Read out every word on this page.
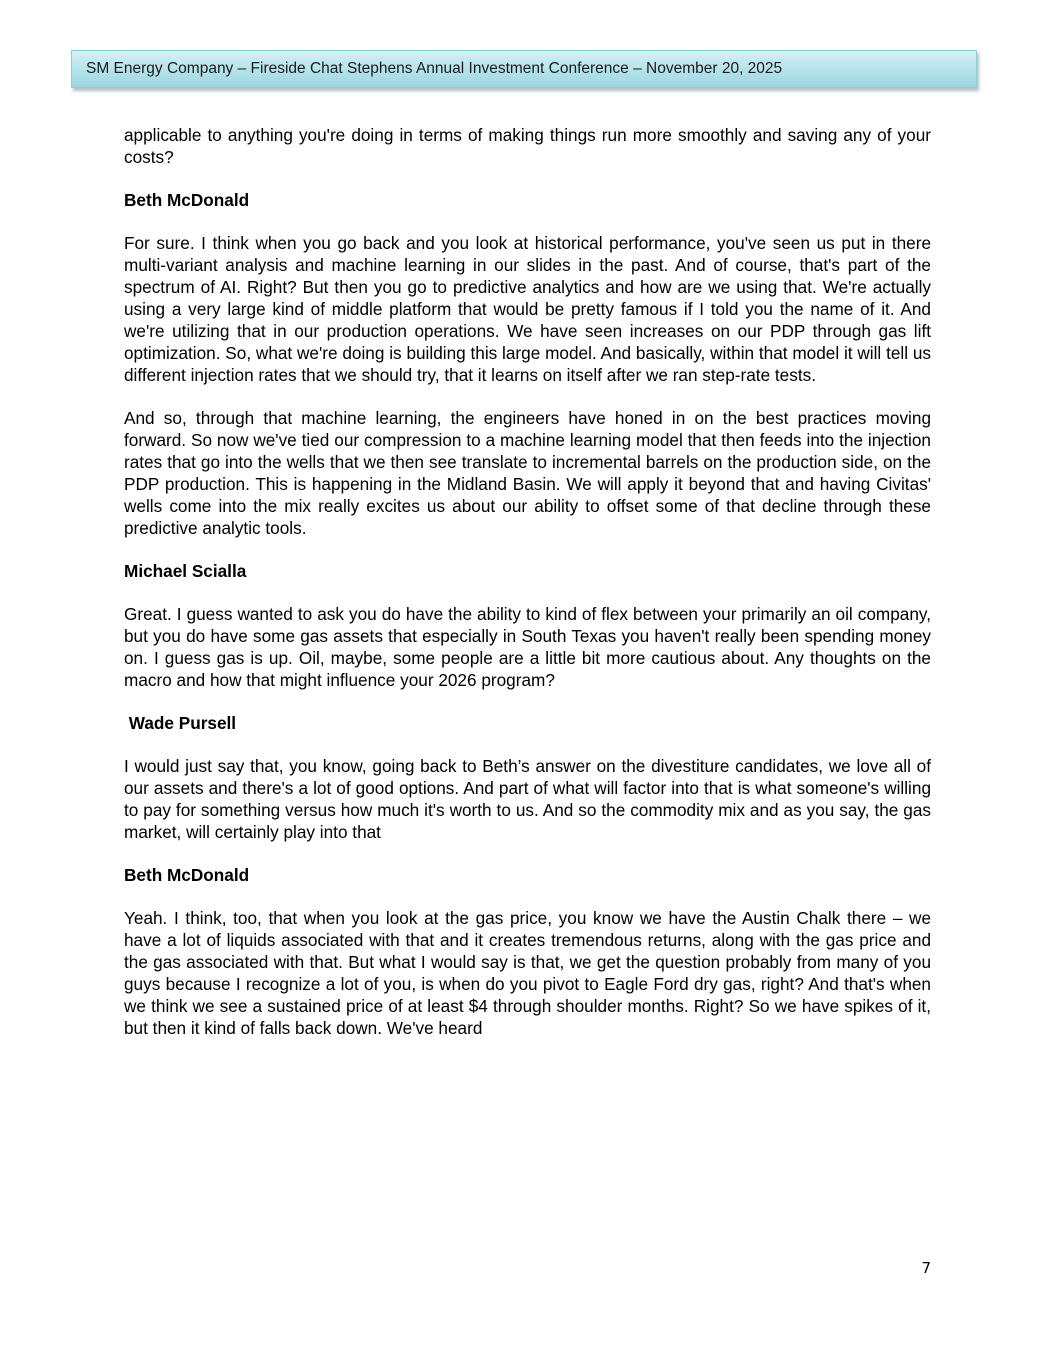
SM Energy Company – Fireside Chat Stephens Annual Investment Conference – November 20, 2025

applicable to anything you're doing in terms of making things run more smoothly and saving any of your costs?

Beth McDonald

For sure. I think when you go back and you look at historical performance, you've seen us put in there multi-variant analysis and machine learning in our slides in the past. And of course, that's part of the spectrum of AI. Right? But then you go to predictive analytics and how are we using that. We're actually using a very large kind of middle platform that would be pretty famous if I told you the name of it. And we're utilizing that in our production operations. We have seen increases on our PDP through gas lift optimization. So, what we're doing is building this large model. And basically, within that model it will tell us different injection rates that we should try, that it learns on itself after we ran step-rate tests.

And so, through that machine learning, the engineers have honed in on the best practices moving forward. So now we've tied our compression to a machine learning model that then feeds into the injection rates that go into the wells that we then see translate to incremental barrels on the production side, on the PDP production. This is happening in the Midland Basin. We will apply it beyond that and having Civitas' wells come into the mix really excites us about our ability to offset some of that decline through these predictive analytic tools.

Michael Scialla

Great. I guess wanted to ask you do have the ability to kind of flex between your primarily an oil company, but you do have some gas assets that especially in South Texas you haven't really been spending money on. I guess gas is up. Oil, maybe, some people are a little bit more cautious about. Any thoughts on the macro and how that might influence your 2026 program?

Wade Pursell

I would just say that, you know, going back to Beth’s answer on the divestiture candidates, we love all of our assets and there's a lot of good options. And part of what will factor into that is what someone's willing to pay for something versus how much it's worth to us. And so the commodity mix and as you say, the gas market, will certainly play into that

Beth McDonald

Yeah. I think, too, that when you look at the gas price, you know we have the Austin Chalk there – we have a lot of liquids associated with that and it creates tremendous returns, along with the gas price and the gas associated with that. But what I would say is that, we get the question probably from many of you guys because I recognize a lot of you, is when do you pivot to Eagle Ford dry gas, right? And that's when we think we see a sustained price of at least $4 through shoulder months. Right? So we have spikes of it, but then it kind of falls back down. We've heard

7
